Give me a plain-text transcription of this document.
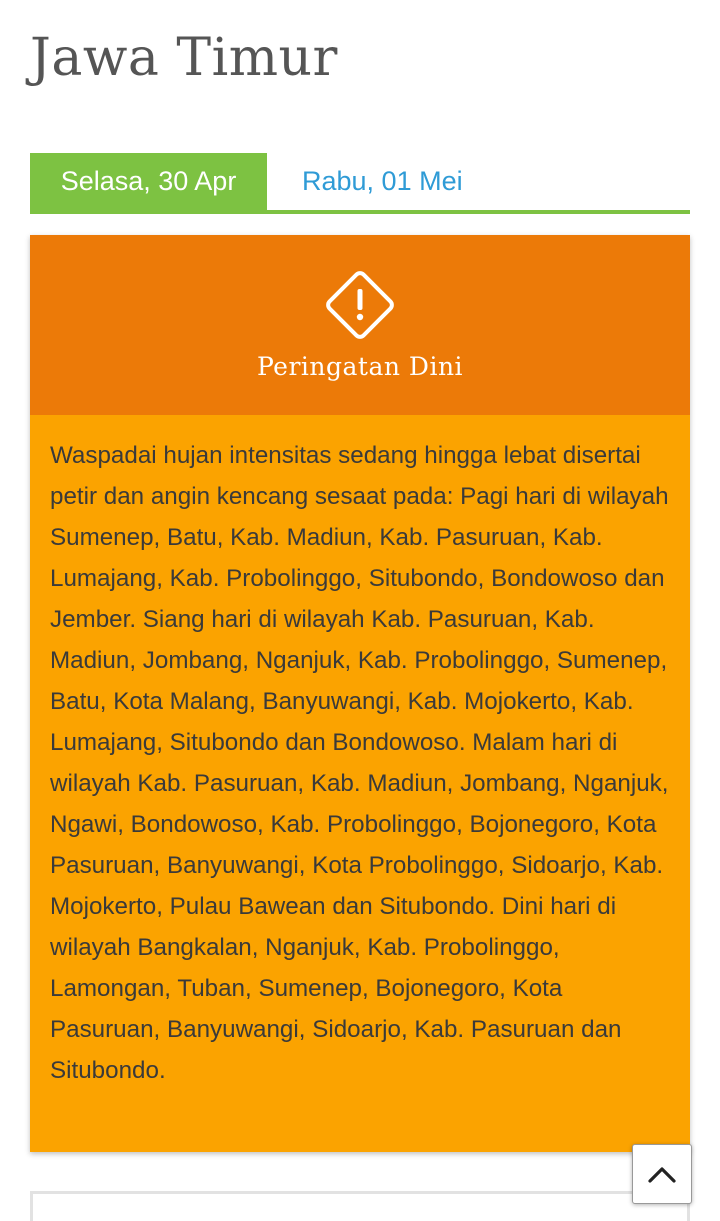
Jawa Timur
Selasa, 30 Apr	Rabu, 01 Mei
Peringatan Dini

Waspadai hujan intensitas sedang hingga lebat disertai petir dan angin kencang sesaat pada: Pagi hari di wilayah Sumenep, Batu, Kab. Madiun, Kab. Pasuruan, Kab. Lumajang, Kab. Probolinggo, Situbondo, Bondowoso dan Jember. Siang hari di wilayah Kab. Pasuruan, Kab. Madiun, Jombang, Nganjuk, Kab. Probolinggo, Sumenep, Batu, Kota Malang, Banyuwangi, Kab. Mojokerto, Kab. Lumajang, Situbondo dan Bondowoso. Malam hari di wilayah Kab. Pasuruan, Kab. Madiun, Jombang, Nganjuk, Ngawi, Bondowoso, Kab. Probolinggo, Bojonegoro, Kota Pasuruan, Banyuwangi, Kota Probolinggo, Sidoarjo, Kab. Mojokerto, Pulau Bawean dan Situbondo. Dini hari di wilayah Bangkalan, Nganjuk, Kab. Probolinggo, Lamongan, Tuban, Sumenep, Bojonegoro, Kota Pasuruan, Banyuwangi, Sidoarjo, Kab. Pasuruan dan Situbondo.
